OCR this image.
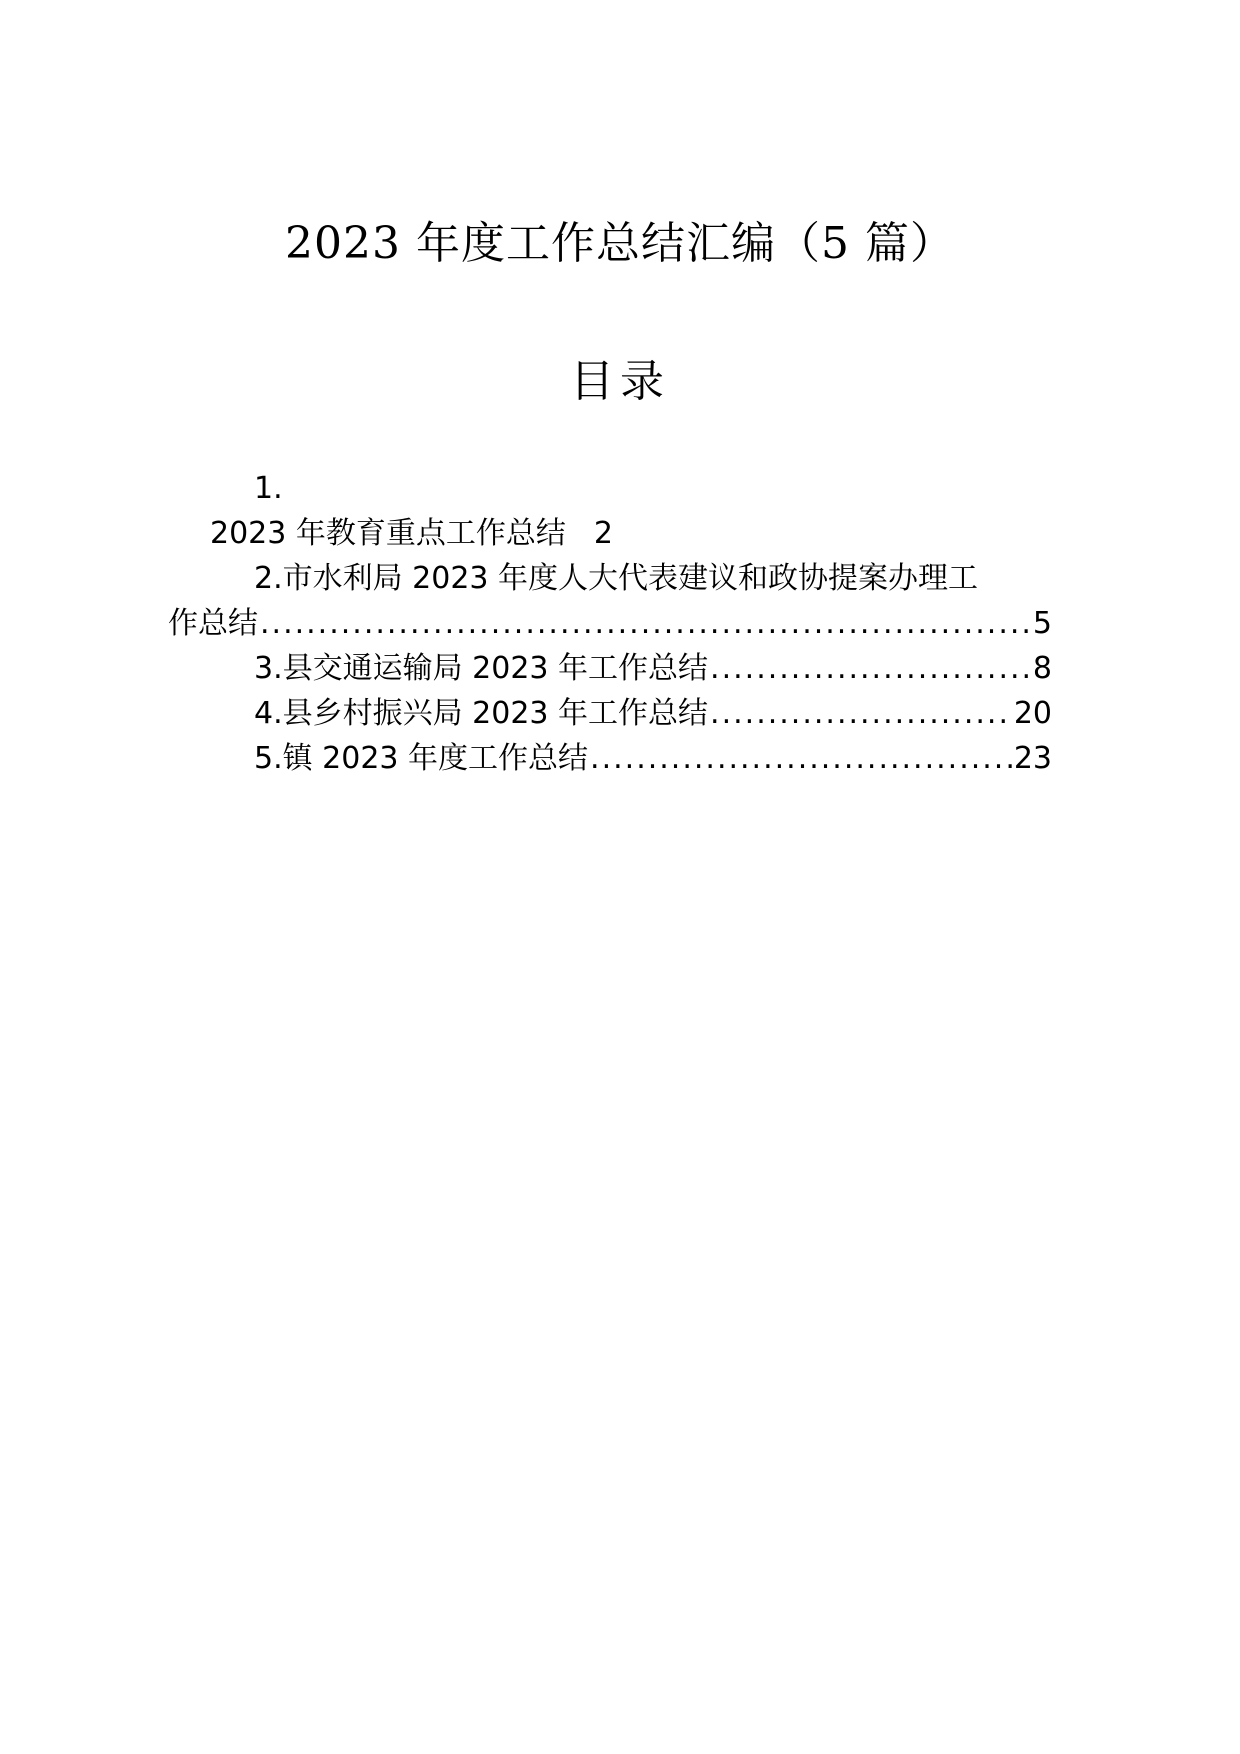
2023 年度工作总结汇编（5 篇）
目录
1.
2023 年教育重点工作总结 2
2. 市水利局 2023 年度人大代表建议和政协提案办理工
作总结 .....	5
3. 县交通运输局 2023 年工作总结 .....	8
4. 县乡村振兴局 2023 年工作总结 .....	20
5. 镇 2023 年度工作总结 .....	23
